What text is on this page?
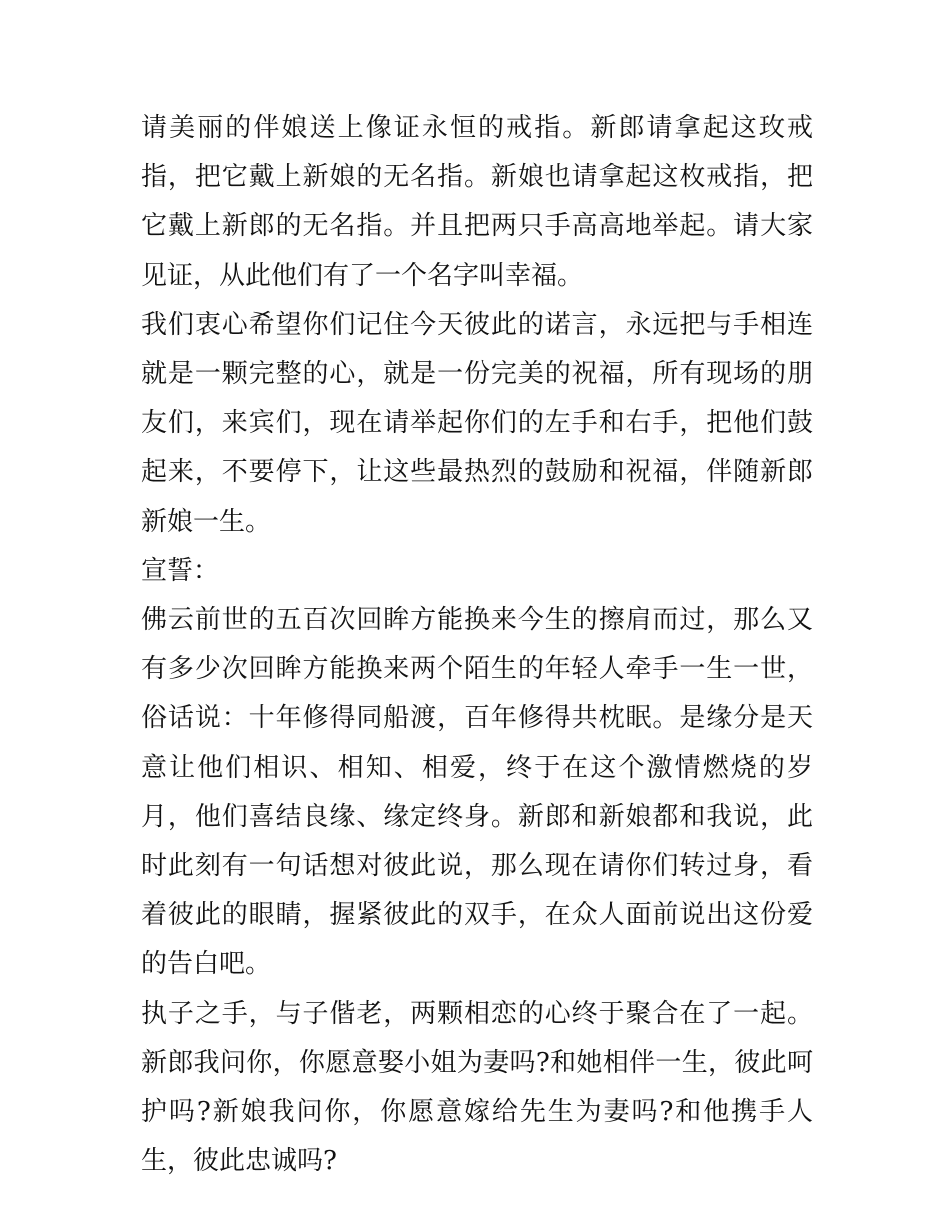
请美丽的伴娘送上像证永恒的戒指。新郎请拿起这玫戒指，把它戴上新娘的无名指。新娘也请拿起这枚戒指，把它戴上新郎的无名指。并且把两只手高高地举起。请大家见证，从此他们有了一个名字叫幸福。

我们衷心希望你们记住今天彼此的诺言，永远把与手相连就是一颗完整的心，就是一份完美的祝福，所有现场的朋友们，来宾们，现在请举起你们的左手和右手，把他们鼓起来，不要停下，让这些最热烈的鼓励和祝福，伴随新郎新娘一生。

宣誓：

佛云前世的五百次回眸方能换来今生的擦肩而过，那么又有多少次回眸方能换来两个陌生的年轻人牵手一生一世，俗话说：十年修得同船渡，百年修得共枕眠。是缘分是天意让他们相识、相知、相爱，终于在这个激情燃烧的岁月，他们喜结良缘、缘定终身。新郎和新娘都和我说，此时此刻有一句话想对彼此说，那么现在请你们转过身，看着彼此的眼睛，握紧彼此的双手，在众人面前说出这份爱的告白吧。

执子之手，与子偕老，两颗相恋的心终于聚合在了一起。新郎我问你，你愿意娶小姐为妻吗?和她相伴一生，彼此呵护吗?新娘我问你，你愿意嫁给先生为妻吗?和他携手人生，彼此忠诚吗?
